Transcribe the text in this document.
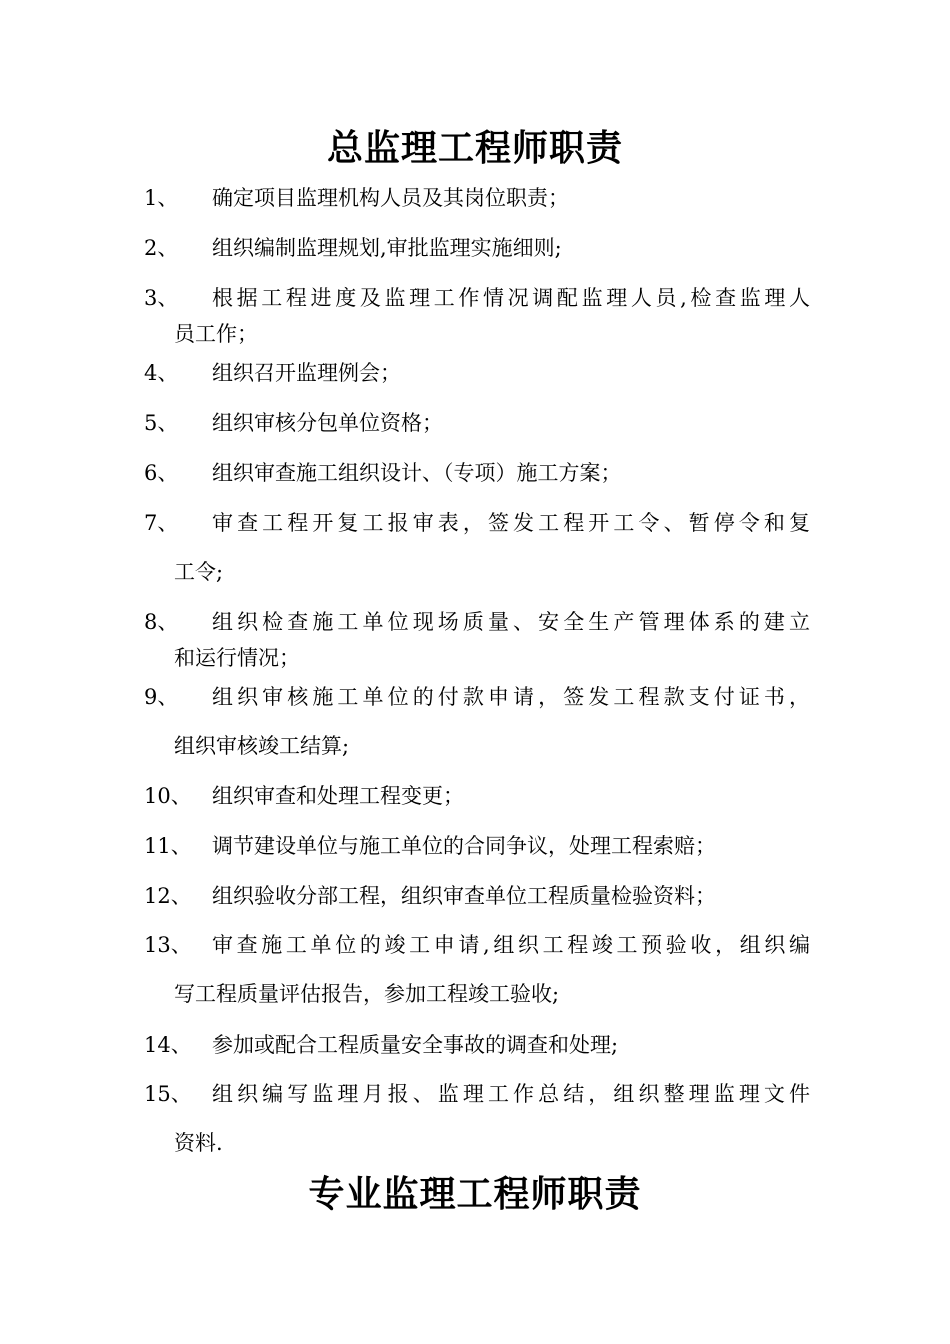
总监理工程师职责
1、 确定项目监理机构人员及其岗位职责；
2、 组织编制监理规划,审批监理实施细则;
3、 根据工程进度及监理工作情况调配监理人员,检查监理人
员工作；
4、 组织召开监理例会；
5、 组织审核分包单位资格；
6、 组织审查施工组织设计、（专项）施工方案；
7、 审查工程开复工报审表，签发工程开工令、暂停令和复
工令;
8、 组织检查施工单位现场质量、安全生产管理体系的建立
和运行情况；
9、 组织审核施工单位的付款申请，签发工程款支付证书，
组织审核竣工结算;
10、 组织审查和处理工程变更；
11、 调节建设单位与施工单位的合同争议，处理工程索赔；
12、 组织验收分部工程，组织审查单位工程质量检验资料；
13、 审查施工单位的竣工申请,组织工程竣工预验收，组织编
写工程质量评估报告，参加工程竣工验收;
14、 参加或配合工程质量安全事故的调查和处理;
15、 组织编写监理月报、监理工作总结，组织整理监理文件
资料.
专业监理工程师职责
